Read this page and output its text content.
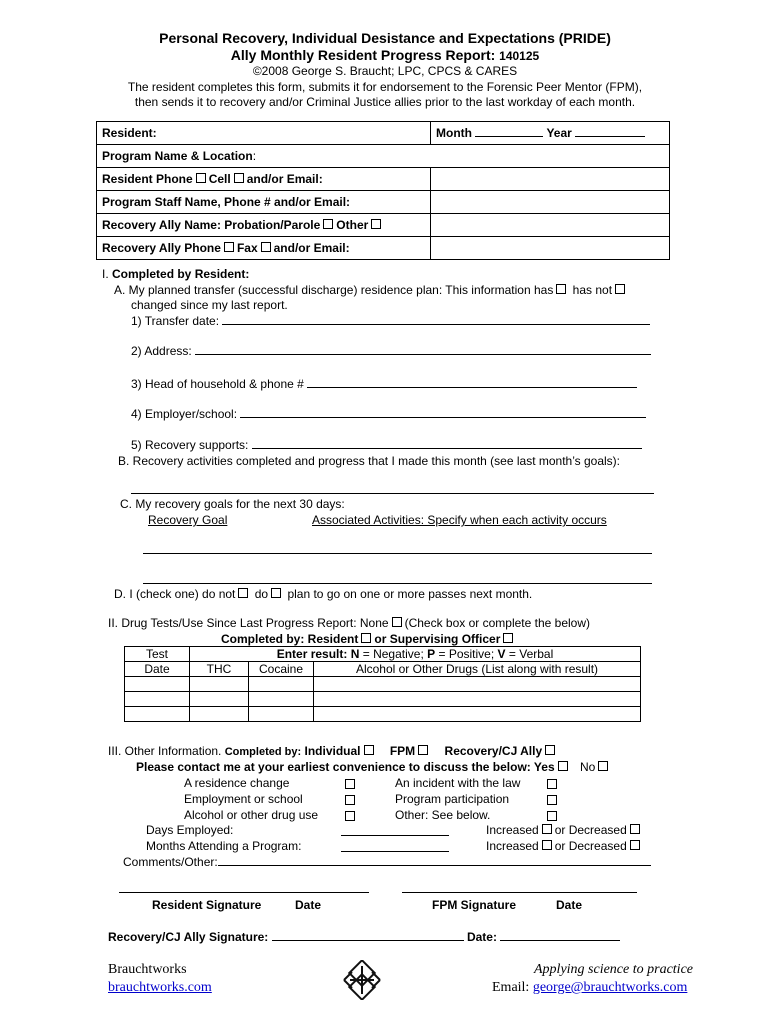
Personal Recovery, Individual Desistance and Expectations (PRIDE)
Ally Monthly Resident Progress Report: 140125
©2008 George S. Braucht; LPC, CPCS & CARES
The resident completes this form, submits it for endorsement to the Forensic Peer Mentor (FPM),
then sends it to recovery and/or Criminal Justice allies prior to the last workday of each month.
Resident:	Month Year
Program Name & Location:	
Resident Phone Cell and/or Email:	
Program Staff Name, Phone # and/or Email:	
Recovery Ally Name: Probation/Parole Other	
Recovery Ally Phone Fax and/or Email:	
I. Completed by Resident:
A. My planned transfer (successful discharge) residence plan: This information has has not
changed since my last report.
1) Transfer date:
2) Address:
3) Head of household & phone #
4) Employer/school:
5) Recovery supports:
B. Recovery activities completed and progress that I made this month (see last month’s goals):
C. My recovery goals for the next 30 days:
Recovery Goal	Associated Activities: Specify when each activity occurs
D. I (check one) do not do plan to go on one or more passes next month.
II. Drug Tests/Use Since Last Progress Report: None (Check box or complete the below)
Completed by: Resident or Supervising Officer
Test	Enter result: N = Negative; P = Positive; V = Verbal		
Date	THC	Cocaine	Alcohol or Other Drugs (List along with result)

III. Other Information. Completed by: Individual FPM Recovery/CJ Ally
Please contact me at your earliest convenience to discuss the below: Yes No
A residence change	An incident with the law
Employment or school	Program participation
Alcohol or other drug use	Other: See below.
Days Employed:	Increased or Decreased
Months Attending a Program:	Increased or Decreased
Comments/Other:
Resident Signature	Date	FPM Signature	Date
Recovery/CJ Ally Signature:	Date:
Brauchtworks
brauchtworks.com
Applying science to practice
Email: george@brauchtworks.com
